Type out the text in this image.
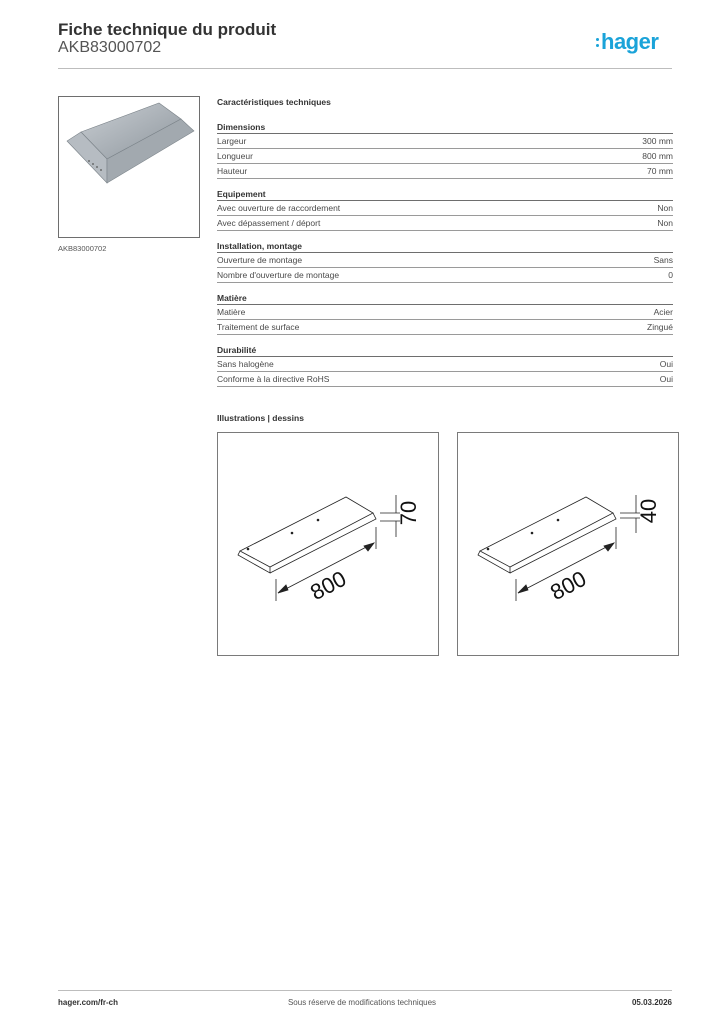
Fiche technique du produit
AKB83000702	hager
AKB83000702
Caractéristiques techniques
Dimensions
Largeur	300 mm
Longueur	800 mm
Hauteur	70 mm
Equipement
Avec ouverture de raccordement	Non
Avec dépassement / déport	Non
Installation, montage
Ouverture de montage	Sans
Nombre d'ouverture de montage	0
Matière
Matière	Acier
Traitement de surface	Zingué
Durabilité
Sans halogène	Oui
Conforme à la directive RoHS	Oui
Illustrations | dessins
800
70
800
40
hager.com/fr-ch	Sous réserve de modifications techniques	05.03.2026
